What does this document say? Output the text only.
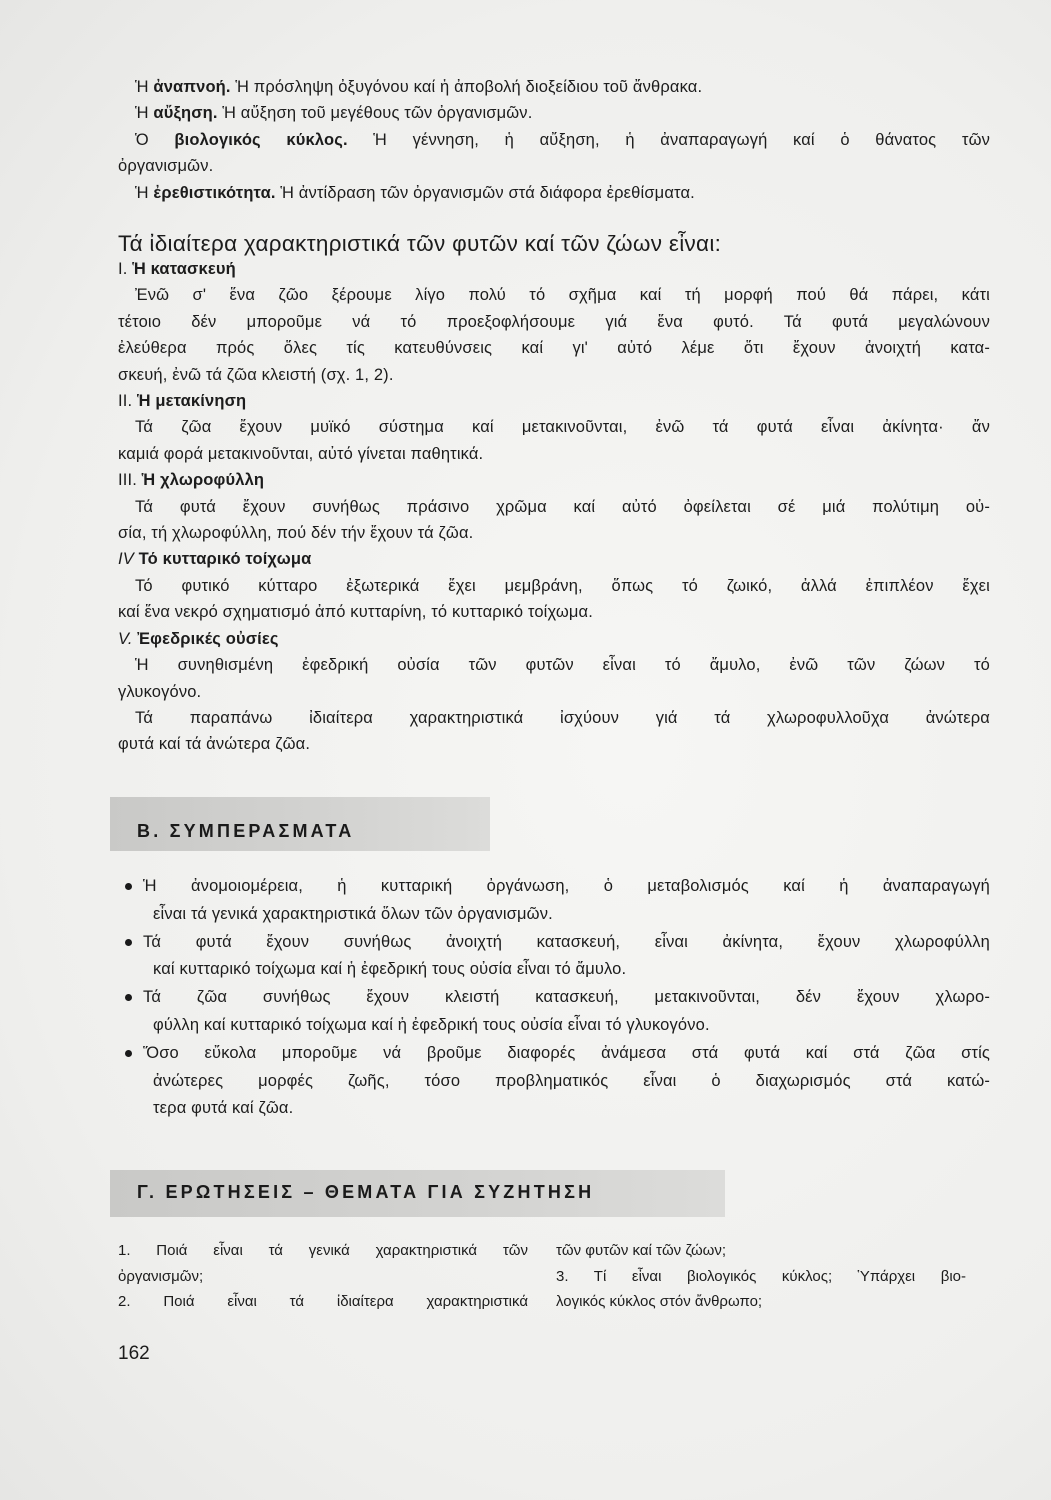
Ἡ ἀναπνοή. Ἡ πρόσληψη ὀξυγόνου καί ἡ ἀποβολή διοξείδιου τοῦ ἄνθρακα.
Ἡ αὔξηση. Ἡ αὔξηση τοῦ μεγέθους τῶν ὀργανισμῶν.
Ὁ βιολογικός κύκλος. Ἡ γέννηση, ἡ αὔξηση, ἡ ἀναπαραγωγή καί ὁ θάνατος τῶν
ὀργανισμῶν.
Ἡ ἐρεθιστικότητα. Ἡ ἀντίδραση τῶν ὀργανισμῶν στά διάφορα ἐρεθίσματα.
Τά ἰδιαίτερα χαρακτηριστικά τῶν φυτῶν καί τῶν ζώων εἶναι:
I. Ἡ κατασκευή
Ἐνῶ σ' ἕνα ζῶο ξέρουμε λίγο πολύ τό σχῆμα καί τή μορφή πού θά πάρει, κάτι
τέτοιο δέν μποροῦμε νά τό προεξοφλήσουμε γιά ἕνα φυτό. Τά φυτά μεγαλώνουν
ἐλεύθερα πρός ὅλες τίς κατευθύνσεις καί γι' αὐτό λέμε ὅτι ἔχουν ἀνοιχτή κατα-
σκευή, ἐνῶ τά ζῶα κλειστή (σχ. 1, 2).
II. Ἡ μετακίνηση
Τά ζῶα ἔχουν μυϊκό σύστημα καί μετακινοῦνται, ἐνῶ τά φυτά εἶναι ἀκίνητα· ἄν
καμιά φορά μετακινοῦνται, αὐτό γίνεται παθητικά.
III. Ἡ χλωροφύλλη
Τά φυτά ἔχουν συνήθως πράσινο χρῶμα καί αὐτό ὀφείλεται σέ μιά πολύτιμη οὐ-
σία, τή χλωροφύλλη, πού δέν τήν ἔχουν τά ζῶα.
IV Τό κυτταρικό τοίχωμα
Τό φυτικό κύτταρο ἐξωτερικά ἔχει μεμβράνη, ὅπως τό ζωικό, ἀλλά ἐπιπλέον ἔχει
καί ἕνα νεκρό σχηματισμό ἀπό κυτταρίνη, τό κυτταρικό τοίχωμα.
V. Ἐφεδρικές οὐσίες
Ἡ συνηθισμένη ἐφεδρική οὐσία τῶν φυτῶν εἶναι τό ἄμυλο, ἐνῶ τῶν ζώων τό
γλυκογόνο.
Τά παραπάνω ἰδιαίτερα χαρακτηριστικά ἰσχύουν γιά τά χλωροφυλλοῦχα ἀνώτερα
φυτά καί τά ἀνώτερα ζῶα.
Β. ΣΥΜΠΕΡΑΣΜΑΤΑ
Ἡ ἀνομοιομέρεια, ἡ κυτταρική ὀργάνωση, ὁ μεταβολισμός καί ἡ ἀναπαραγωγή
εἶναι τά γενικά χαρακτηριστικά ὅλων τῶν ὀργανισμῶν.
Τά φυτά ἔχουν συνήθως ἀνοιχτή κατασκευή, εἶναι ἀκίνητα, ἔχουν χλωροφύλλη
καί κυτταρικό τοίχωμα καί ἡ ἐφεδρική τους οὐσία εἶναι τό ἄμυλο.
Τά ζῶα συνήθως ἔχουν κλειστή κατασκευή, μετακινοῦνται, δέν ἔχουν χλωρο-
φύλλη καί κυτταρικό τοίχωμα καί ἡ ἐφεδρική τους οὐσία εἶναι τό γλυκογόνο.
Ὅσο εὔκολα μποροῦμε νά βροῦμε διαφορές ἀνάμεσα στά φυτά καί στά ζῶα στίς
ἀνώτερες μορφές ζωῆς, τόσο προβληματικός εἶναι ὁ διαχωρισμός στά κατώ-
τερα φυτά καί ζῶα.
Γ. ΕΡΩΤΗΣΕΙΣ – ΘΕΜΑΤΑ ΓΙΑ ΣΥΖΗΤΗΣΗ
1. Ποιά εἶναι τά γενικά χαρακτηριστικά τῶν
ὀργανισμῶν;
2. Ποιά εἶναι τά ἰδιαίτερα χαρακτηριστικά
τῶν φυτῶν καί τῶν ζώων;
3. Τί εἶναι βιολογικός κύκλος; Ὑπάρχει βιο-
λογικός κύκλος στόν ἄνθρωπο;
162
